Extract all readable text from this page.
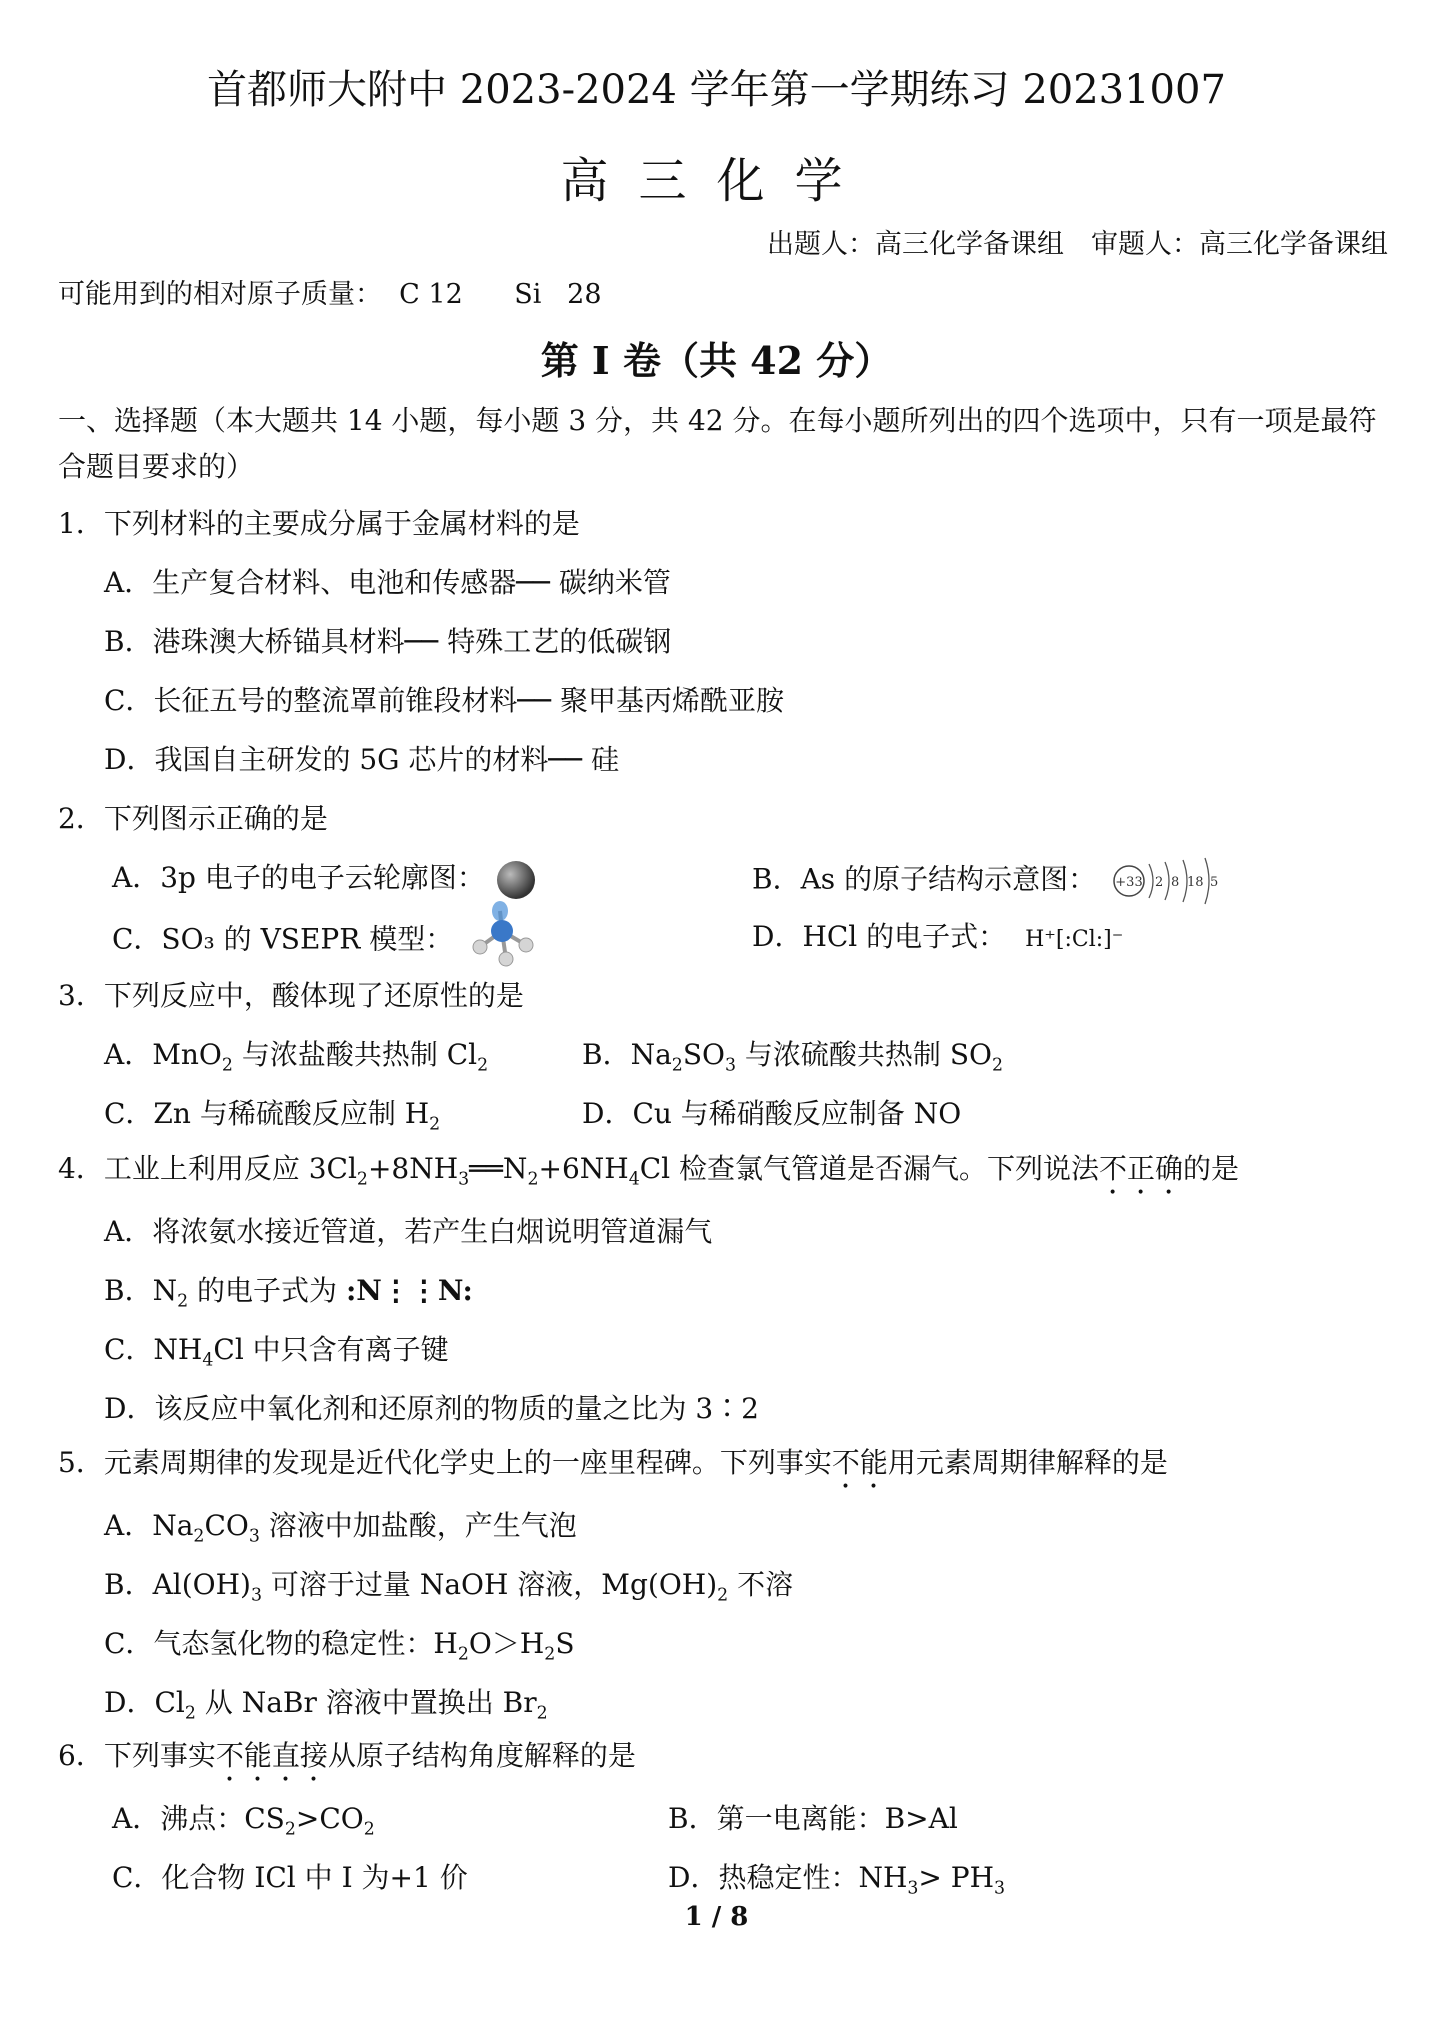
首都师大附中 2023-2024 学年第一学期练习 20231007
高三化学
出题人：高三化学备课组　审题人：高三化学备课组
可能用到的相对原子质量：  C 12      Si   28
第 I 卷（共 42 分）
一、选择题（本大题共 14 小题，每小题 3 分，共 42 分。在每小题所列出的四个选项中，只有一项是最符合题目要求的）
1．下列材料的主要成分属于金属材料的是
A．生产复合材料、电池和传感器── 碳纳米管
B．港珠澳大桥锚具材料── 特殊工艺的低碳钢
C．长征五号的整流罩前锥段材料── 聚甲基丙烯酰亚胺
D．我国自主研发的 5G 芯片的材料── 硅
2．下列图示正确的是
A．3p 电子的电子云轮廓图：	B．As 的原子结构示意图： +33 2 8 18 5
C．SO₃ 的 VSEPR 模型：	D．HCl 的电子式： H⁺[:Cl:]⁻
3．下列反应中，酸体现了还原性的是
A．MnO$_2$ 与浓盐酸共热制 $Cl_2$	B．$Na_2SO_3$ 与浓硫酸共热制 $SO_2$
C．Zn 与稀硫酸反应制 $H_2$	D．Cu 与稀硝酸反应制备 NO
4．工业上利用反应 $3Cl_2+8NH_3══N_2+6NH_4Cl$ 检查氯气管道是否漏气。下列说法不正确的是
A．将浓氨水接近管道，若产生白烟说明管道漏气
B．$N_2$ 的电子式为 :N⋮⋮N:
C．$NH_4Cl$ 中只含有离子键
D．该反应中氧化剂和还原剂的物质的量之比为 3∶2
5．元素周期律的发现是近代化学史上的一座里程碑。下列事实不能用元素周期律解释的是
A．$Na_2CO_3$ 溶液中加盐酸，产生气泡
B．$Al(OH)_3$ 可溶于过量 NaOH 溶液，$Mg(OH)_2$ 不溶
C．气态氢化物的稳定性：$H_2O>H_2S$
D．$Cl_2$ 从 NaBr 溶液中置换出 $Br_2$
6．下列事实不能直接从原子结构角度解释的是
A．沸点：$CS_2>CO_2$	B．第一电离能：B>Al
C．化合物 ICl 中 I 为+1 价	D．热稳定性：$NH_3> PH_3$
1 / 8
